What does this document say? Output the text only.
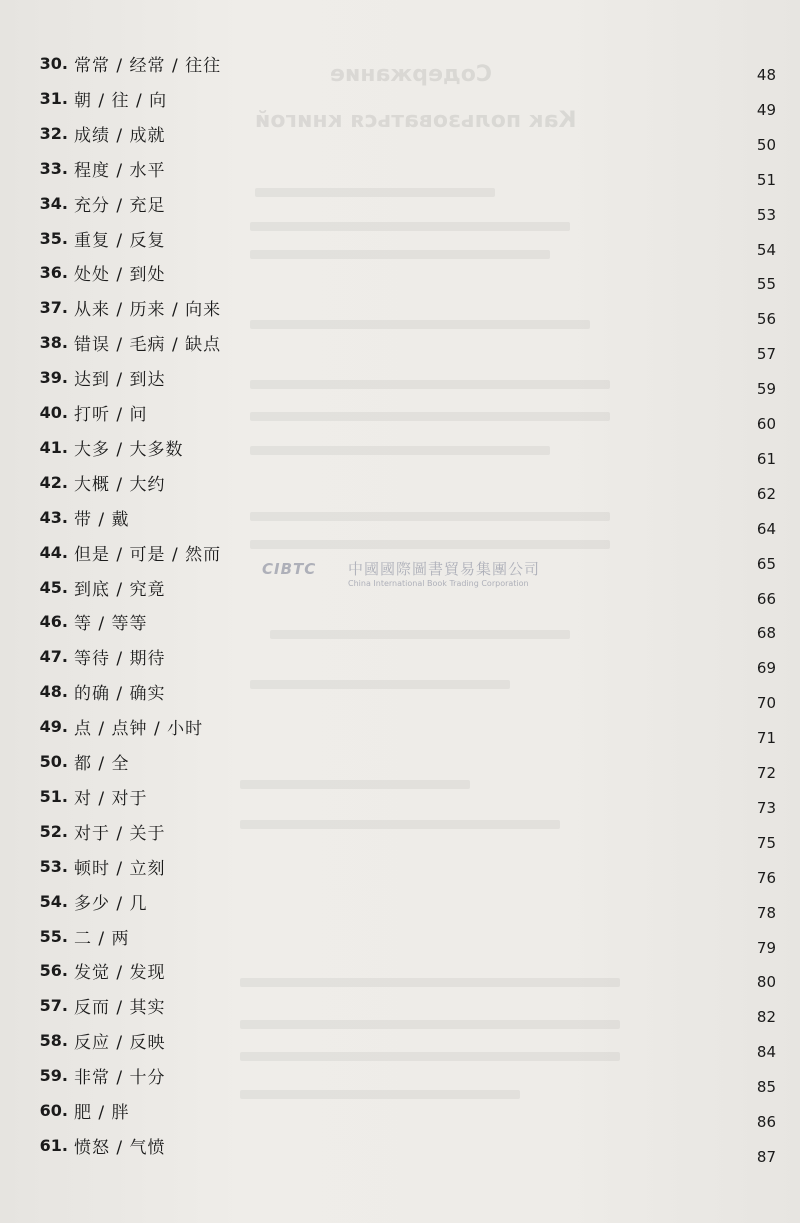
Содержание
Как пользоваться книгой
30. 常常 / 经常 / 往往	48
31. 朝 / 往 / 向	49
32. 成绩 / 成就	50
33. 程度 / 水平	51
34. 充分 / 充足	53
35. 重复 / 反复	54
36. 处处 / 到处	55
37. 从来 / 历来 / 向来	56
38. 错误 / 毛病 / 缺点	57
39. 达到 / 到达	59
40. 打听 / 问	60
41. 大多 / 大多数	61
42. 大概 / 大约	62
43. 带 / 戴	64
44. 但是 / 可是 / 然而	65
45. 到底 / 究竟	66
46. 等 / 等等	68
47. 等待 / 期待	69
48. 的确 / 确实	70
49. 点 / 点钟 / 小时	71
50. 都 / 全	72
51. 对 / 对于	73
52. 对于 / 关于	75
53. 顿时 / 立刻	76
54. 多少 / 几	78
55. 二 / 两	79
56. 发觉 / 发现	80
57. 反而 / 其实	82
58. 反应 / 反映	84
59. 非常 / 十分	85
60. 肥 / 胖	86
61. 愤怒 / 气愤	87
CIBTC 中國國際圖書貿易集團公司
China International Book Trading Corporation
